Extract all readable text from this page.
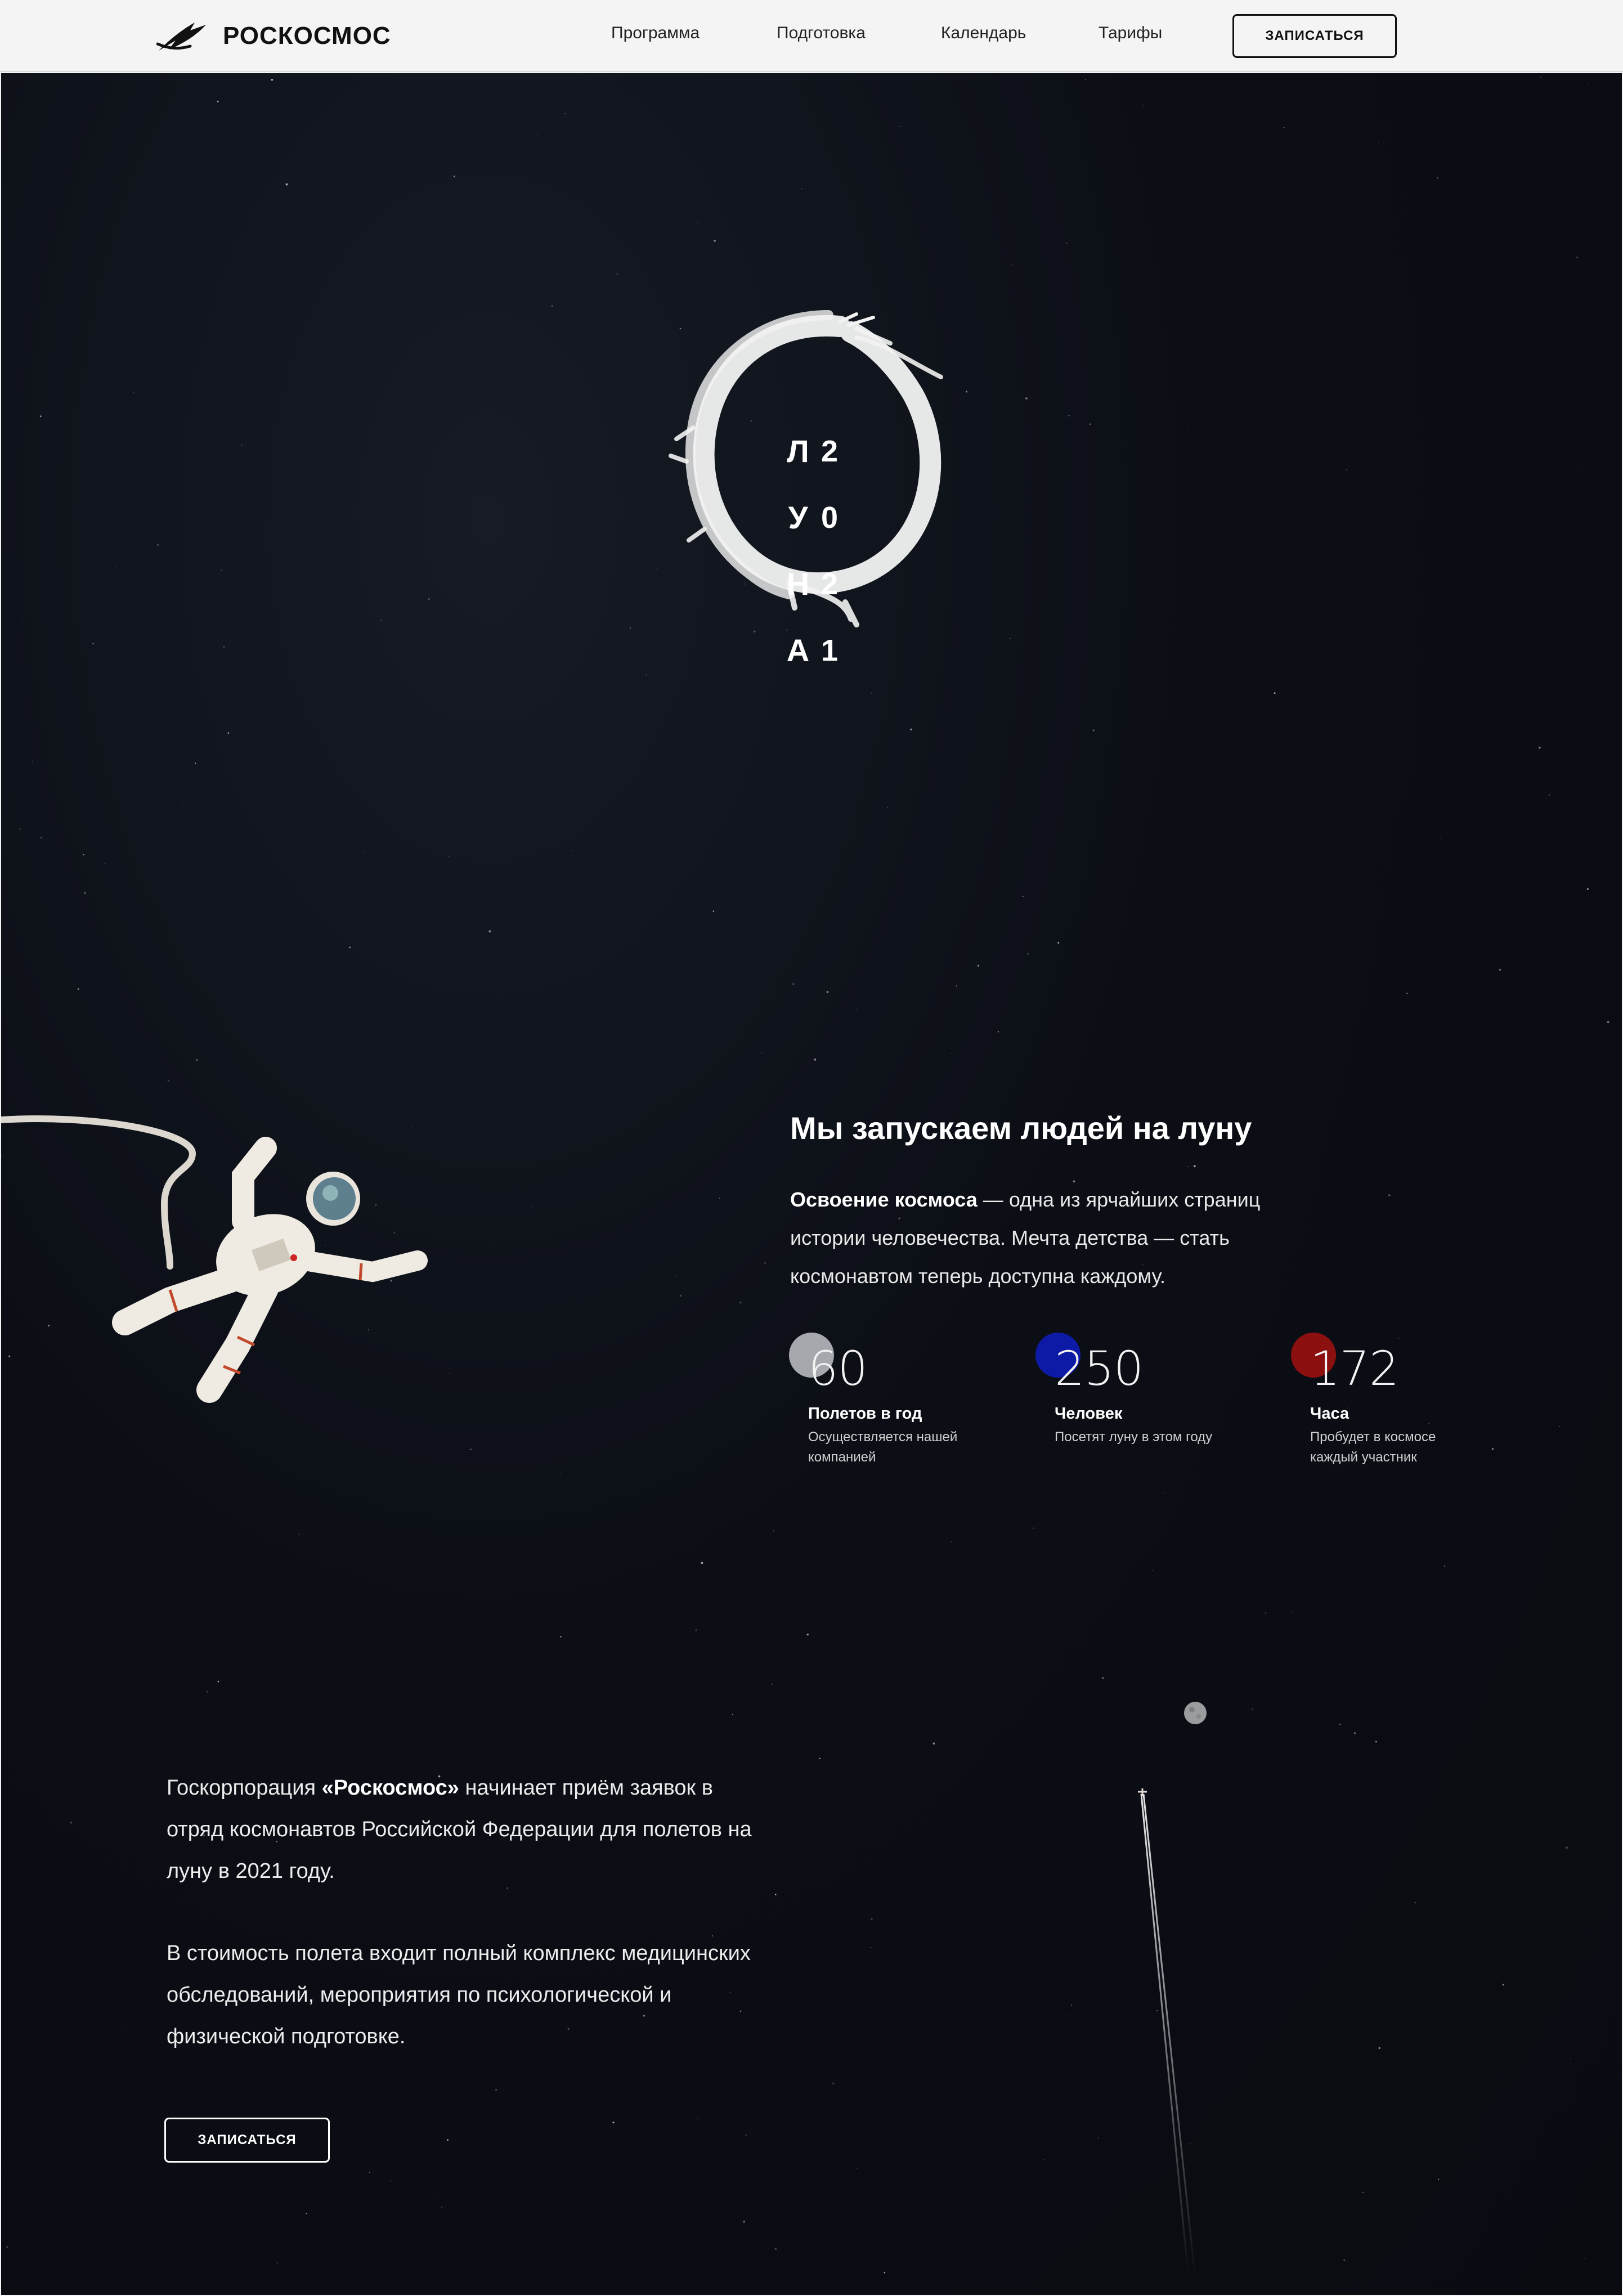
РОСКОСМОС	Программа	Подготовка	Календарь	Тарифы	ЗАПИСАТЬСЯ
Л 2
У 0
Н 2
А 1
Мы запускаем людей на луну
Освоение космоса — одна из ярчайших страниц истории человечества. Мечта детства — стать космонавтом теперь доступна каждому.
60
Полетов в год
Осуществляется нашей компанией
250
Человек
Посетят луну в этом году
172
Часа
Пробудет в космосе каждый участник
Госкорпорация «Роскосмос» начинает приём заявок в отряд космонавтов Российской Федерации для полетов на луну в 2021 году.
В стоимость полета входит полный комплекс медицинских обследований, мероприятия по психологической и физической подготовке.
ЗАПИСАТЬСЯ
